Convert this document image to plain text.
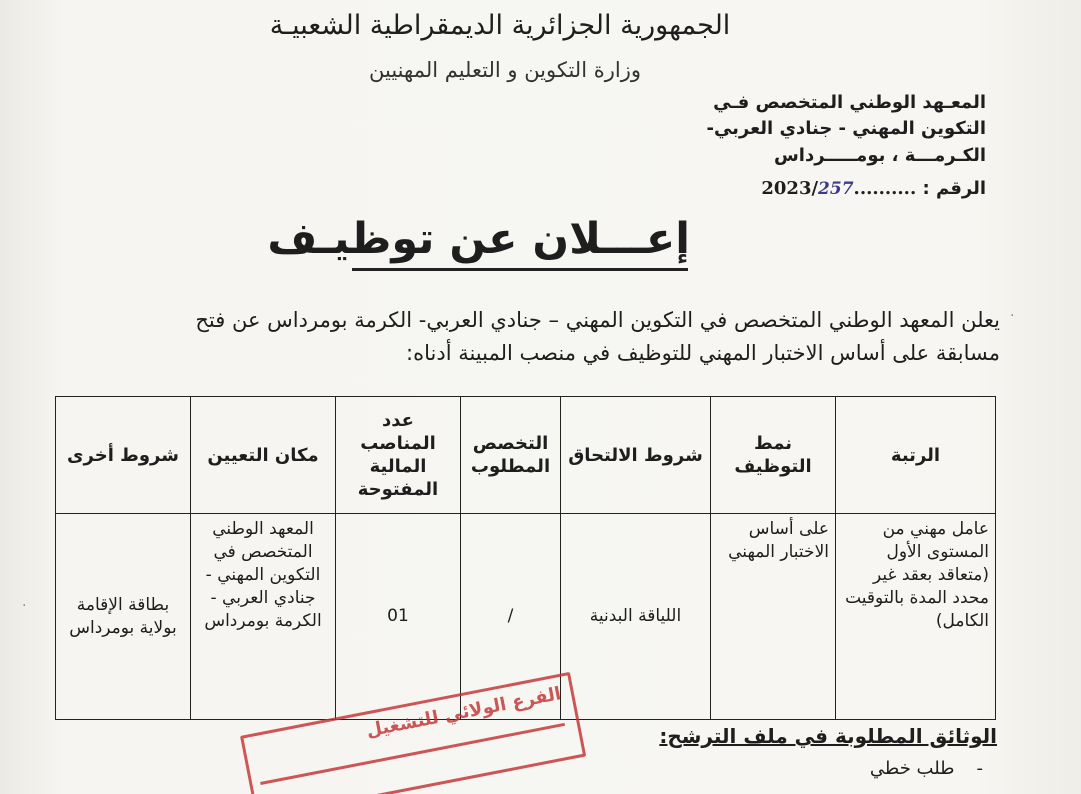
الجمهورية الجزائرية الديمقراطية الشعبيـة
وزارة التكوين و التعليم المهنيين
المعـهد الوطني المتخصص فـي
التكوين المهني - جنادي العربي-
الكـرمـــة ، بومـــــرداس
الرقم : 2023/257..........
إعـــلان عن توظيـف
يعلن المعهد الوطني المتخصص في التكوين المهني – جنادي العربي- الكرمة بومرداس عن فتح
مسابقة على أساس الاختبار المهني للتوظيف في منصب المبينة أدناه:
الرتبة	نمط التوظيف	شروط الالتحاق	التخصص المطلوب	عدد المناصب المالية المفتوحة	مكان التعيين	شروط أخرى
عامل مهني من المستوى الأول (متعاقد بعقد غير محدد المدة بالتوقيت الكامل)	على أساس الاختبار المهني	اللياقة البدنية	/	01	المعهد الوطني المتخصص في التكوين المهني - جنادي العربي - الكرمة بومرداس	بطاقة الإقامة بولاية بومرداس
الوثائق المطلوبة في ملف الترشح:
-طلب خطي
الفرع الولائي للتشغيل
·
·
